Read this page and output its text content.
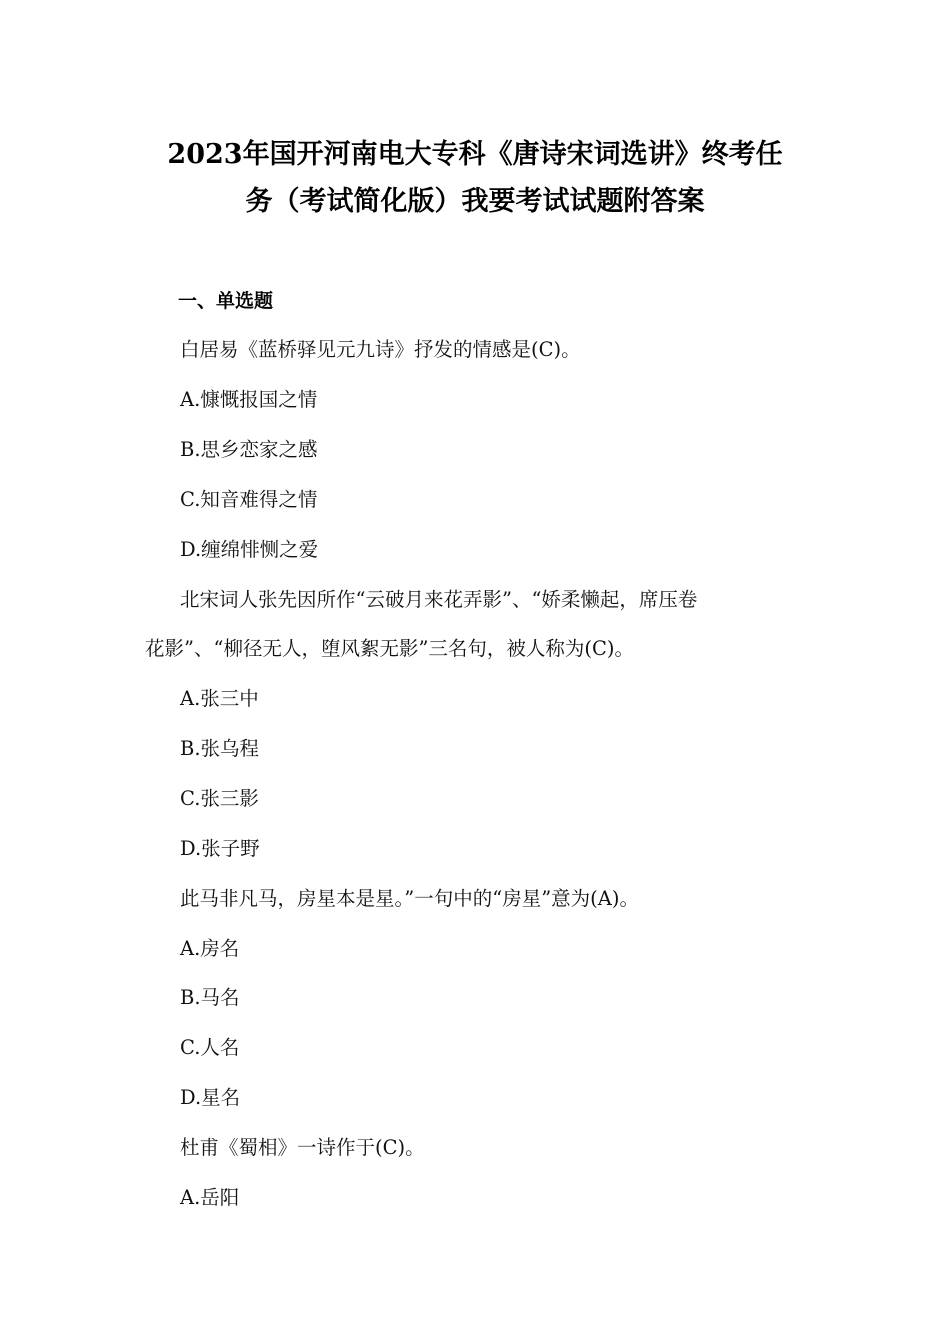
2023年国开河南电大专科《唐诗宋词选讲》终考任
务（考试简化版）我要考试试题附答案
一、单选题
白居易《蓝桥驿见元九诗》抒发的情感是(C)。
A.慷慨报国之情
B.思乡恋家之感
C.知音难得之情
D.缠绵悱恻之爱
北宋词人张先因所作“云破月来花弄影”、“娇柔懒起，席压卷
花影”、“柳径无人，堕风絮无影”三名句，被人称为(C)。
A.张三中
B.张乌程
C.张三影
D.张子野
此马非凡马，房星本是星。”一句中的“房星”意为(A)。
A.房名
B.马名
C.人名
D.星名
杜甫《蜀相》一诗作于(C)。
A.岳阳
